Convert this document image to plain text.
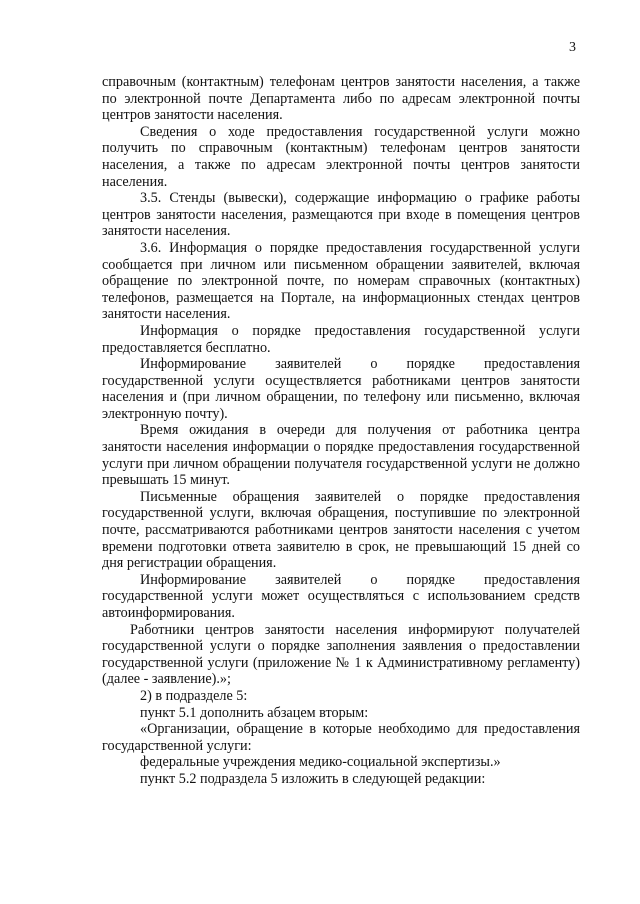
3

справочным (контактным) телефонам центров занятости населения, а также по электронной почте Департамента либо по адресам электронной почты центров занятости населения.

Сведения о ходе предоставления государственной услуги можно получить по справочным (контактным) телефонам центров занятости населения, а также по адресам электронной почты центров занятости населения.

3.5. Стенды (вывески), содержащие информацию о графике работы центров занятости населения, размещаются при входе в помещения центров занятости населения.

3.6. Информация о порядке предоставления государственной услуги сообщается при личном или письменном обращении заявителей, включая обращение по электронной почте, по номерам справочных (контактных) телефонов, размещается на Портале, на информационных стендах центров занятости населения.

Информация о порядке предоставления государственной услуги предоставляется бесплатно.

Информирование заявителей о порядке предоставления государственной услуги осуществляется работниками центров занятости населения и (при личном обращении, по телефону или письменно, включая электронную почту).

Время ожидания в очереди для получения от работника центра занятости населения информации о порядке предоставления государственной услуги при личном обращении получателя государственной услуги не должно превышать 15 минут.

Письменные обращения заявителей о порядке предоставления государственной услуги, включая обращения, поступившие по электронной почте, рассматриваются работниками центров занятости населения с учетом времени подготовки ответа заявителю в срок, не превышающий 15 дней со дня регистрации обращения.

Информирование заявителей о порядке предоставления государственной услуги может осуществляться с использованием средств автоинформирования.

Работники центров занятости населения информируют получателей государственной услуги о порядке заполнения заявления о предоставлении государственной услуги (приложение № 1 к Административному регламенту) (далее - заявление).»;

2) в подразделе 5:

пункт 5.1 дополнить абзацем вторым:

«Организации, обращение в которые необходимо для предоставления государственной услуги:

федеральные учреждения медико-социальной экспертизы.»

пункт 5.2 подраздела 5 изложить в следующей редакции:
